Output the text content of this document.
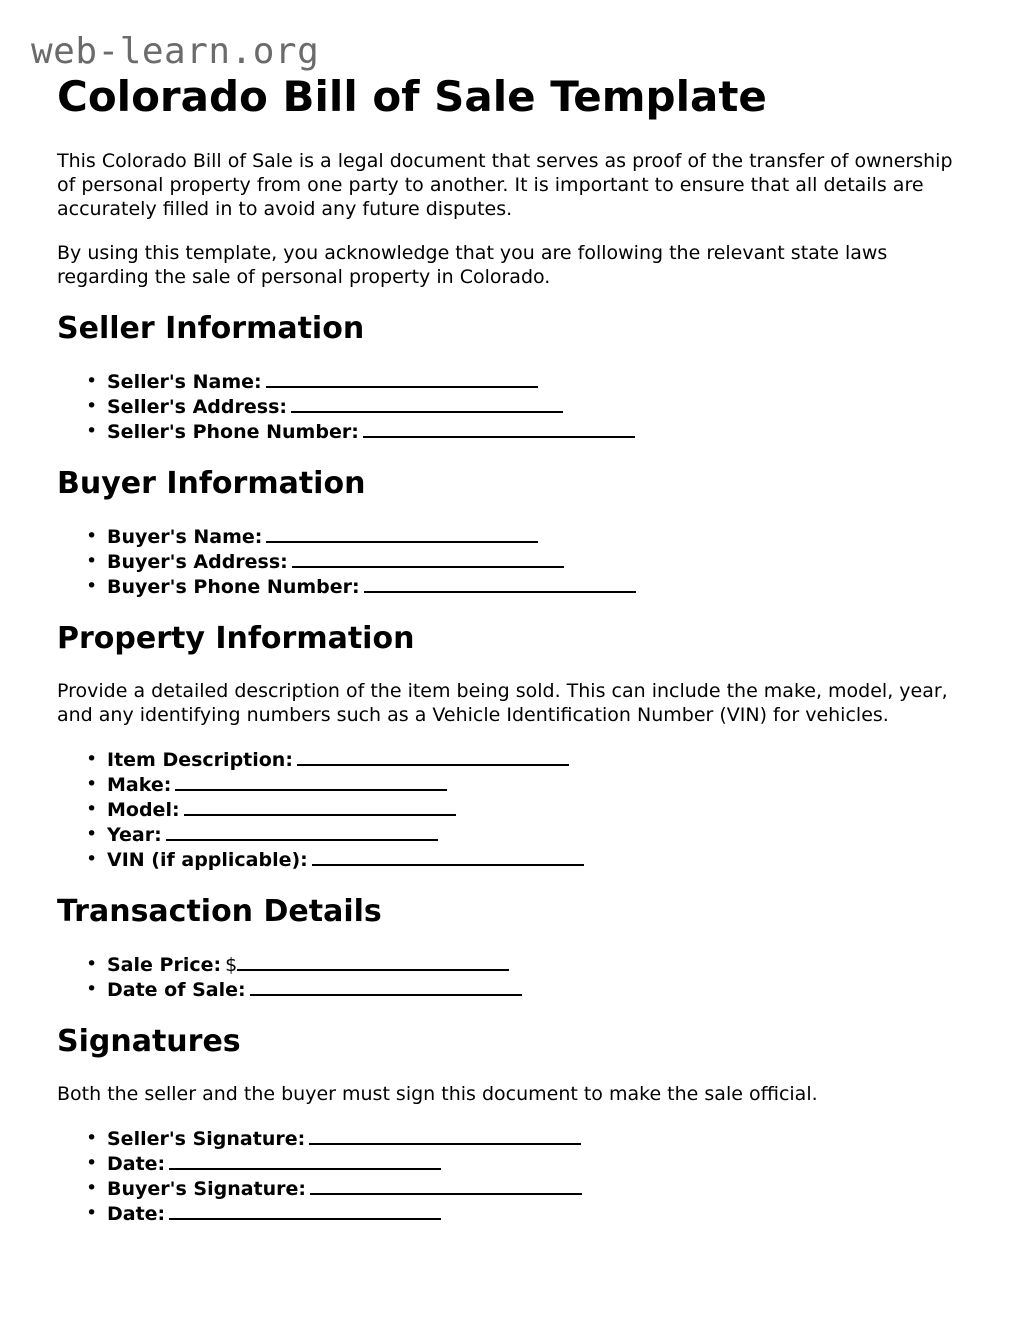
web-learn.org
Colorado Bill of Sale Template

This Colorado Bill of Sale is a legal document that serves as proof of the transfer of ownership of personal property from one party to another. It is important to ensure that all details are accurately filled in to avoid any future disputes.

By using this template, you acknowledge that you are following the relevant state laws regarding the sale of personal property in Colorado.

Seller Information
• Seller's Name:
• Seller's Address:
• Seller's Phone Number:
Buyer Information
• Buyer's Name:
• Buyer's Address:
• Buyer's Phone Number:
Property Information

Provide a detailed description of the item being sold. This can include the make, model, year, and any identifying numbers such as a Vehicle Identification Number (VIN) for vehicles.

• Item Description:
• Make:
• Model:
• Year:
• VIN (if applicable):
Transaction Details
• Sale Price: $
• Date of Sale:
Signatures

Both the seller and the buyer must sign this document to make the sale official.

• Seller's Signature:
• Date:
• Buyer's Signature:
• Date:
